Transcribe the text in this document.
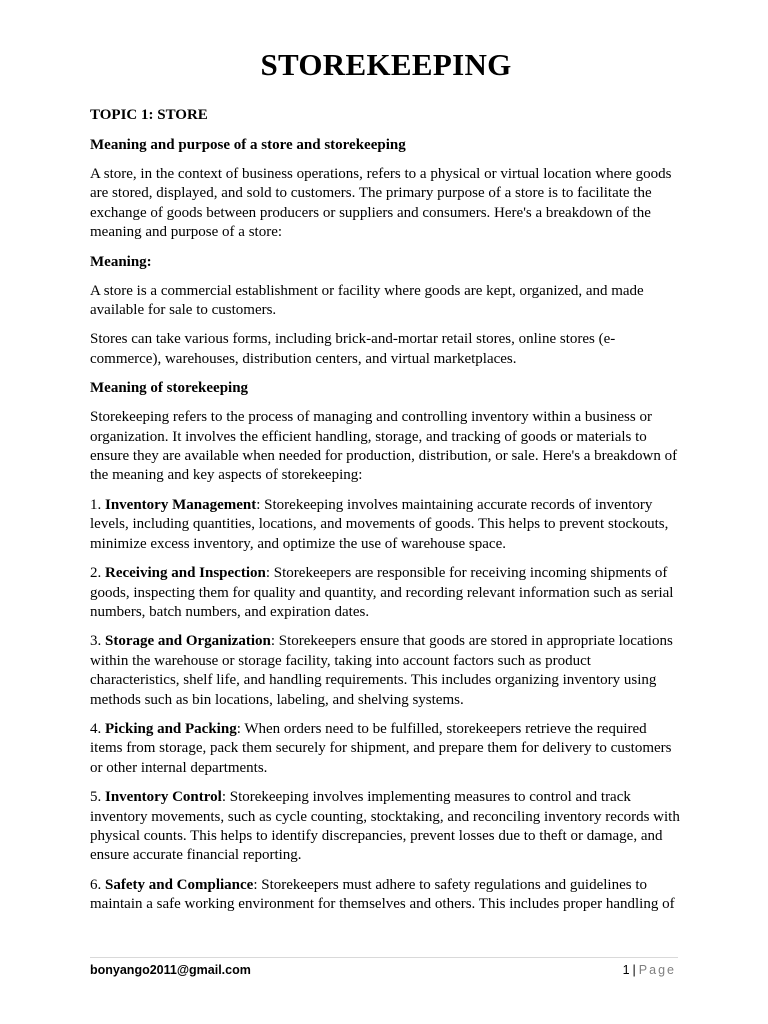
STOREKEEPING

TOPIC 1: STORE

Meaning and purpose of a store and storekeeping

A store, in the context of business operations, refers to a physical or virtual location where goods are stored, displayed, and sold to customers. The primary purpose of a store is to facilitate the exchange of goods between producers or suppliers and consumers. Here's a breakdown of the meaning and purpose of a store:

Meaning:

A store is a commercial establishment or facility where goods are kept, organized, and made available for sale to customers.

Stores can take various forms, including brick-and-mortar retail stores, online stores (e-commerce), warehouses, distribution centers, and virtual marketplaces.

Meaning of storekeeping

Storekeeping refers to the process of managing and controlling inventory within a business or organization. It involves the efficient handling, storage, and tracking of goods or materials to ensure they are available when needed for production, distribution, or sale. Here's a breakdown of the meaning and key aspects of storekeeping:

1. Inventory Management: Storekeeping involves maintaining accurate records of inventory levels, including quantities, locations, and movements of goods. This helps to prevent stockouts, minimize excess inventory, and optimize the use of warehouse space.

2. Receiving and Inspection: Storekeepers are responsible for receiving incoming shipments of goods, inspecting them for quality and quantity, and recording relevant information such as serial numbers, batch numbers, and expiration dates.

3. Storage and Organization: Storekeepers ensure that goods are stored in appropriate locations within the warehouse or storage facility, taking into account factors such as product characteristics, shelf life, and handling requirements. This includes organizing inventory using methods such as bin locations, labeling, and shelving systems.

4. Picking and Packing: When orders need to be fulfilled, storekeepers retrieve the required items from storage, pack them securely for shipment, and prepare them for delivery to customers or other internal departments.

5. Inventory Control: Storekeeping involves implementing measures to control and track inventory movements, such as cycle counting, stocktaking, and reconciling inventory records with physical counts. This helps to identify discrepancies, prevent losses due to theft or damage, and ensure accurate financial reporting.

6. Safety and Compliance: Storekeepers must adhere to safety regulations and guidelines to maintain a safe working environment for themselves and others. This includes proper handling of

bonyango2011@gmail.com	1 | Page
